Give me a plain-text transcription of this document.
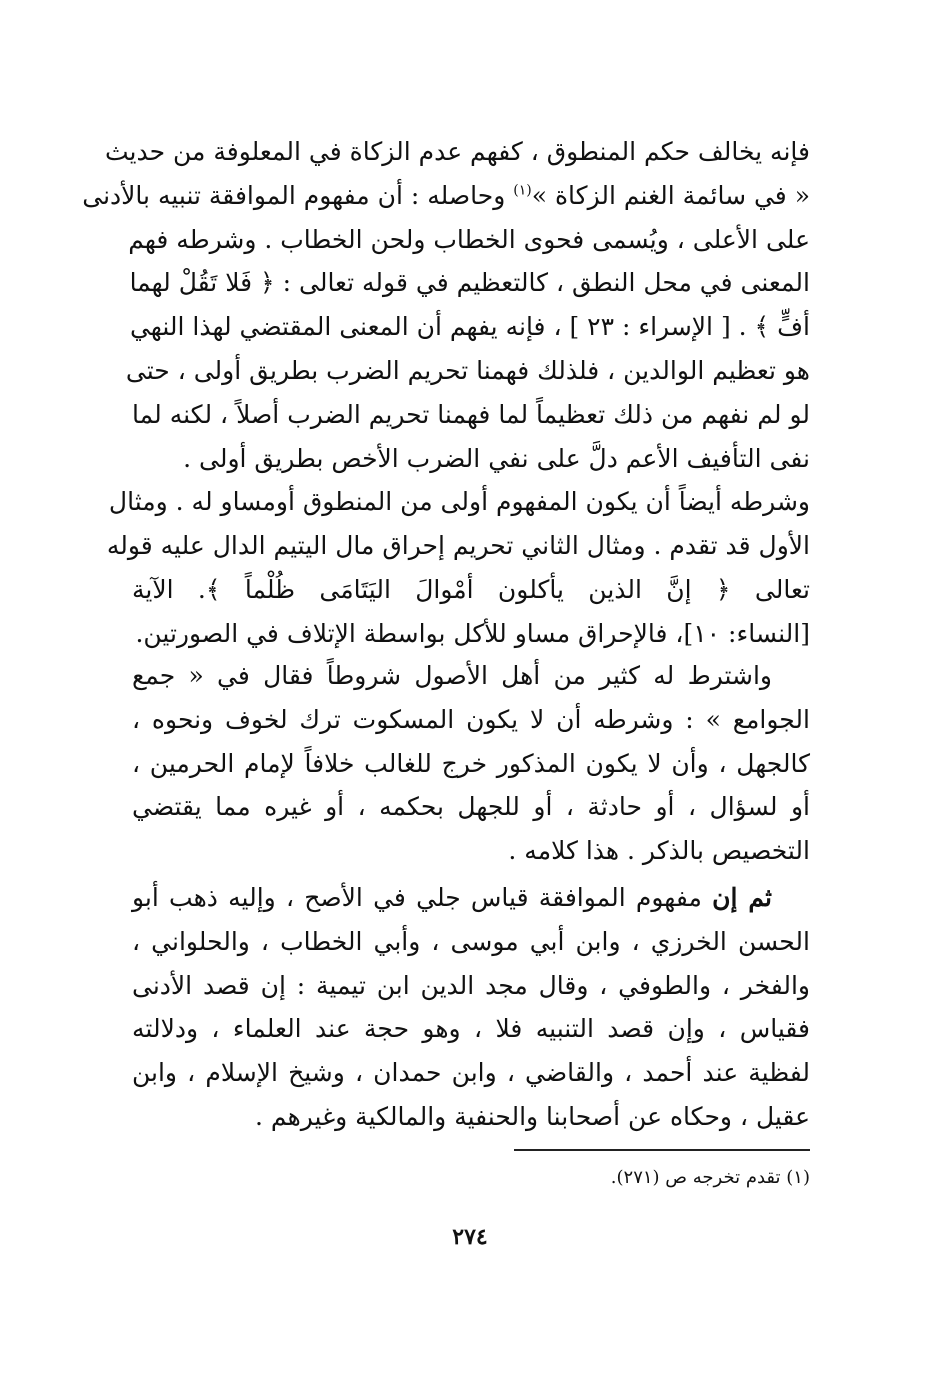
فإنه يخالف حكم المنطوق ، كفهم عدم الزكاة في المعلوفة من حديث
« في سائمة الغنم الزكاة »$^{(١)}$ وحاصله : أن مفهوم الموافقة تنبيه بالأدنى
على الأعلى ، ويُسمى فحوى الخطاب ولحن الخطاب . وشرطه فهم
المعنى في محل النطق ، كالتعظيم في قوله تعالى : ﴿ فَلا تَقُلْ لهما
أفٍّ ﴾ . [ الإسراء : ٢٣ ] ، فإنه يفهم أن المعنى المقتضي لهذا النهي
هو تعظيم الوالدين ، فلذلك فهمنا تحريم الضرب بطريق أولى ، حتى
لو لم نفهم من ذلك تعظيماً لما فهمنا تحريم الضرب أصلاً ، لكنه لما
نفى التأفيف الأعم دلَّ على نفي الضرب الأخص بطريق أولى .
وشرطه أيضاً أن يكون المفهوم أولى من المنطوق أومساو له . ومثال
الأول قد تقدم . ومثال الثاني تحريم إحراق مال اليتيم الدال عليه قوله
تعالى ﴿ إنَّ الذين يأكلون أمْوالَ اليَتَامَى ظُلْماً ﴾. الآية
[النساء: ١٠]، فالإحراق مساو للأكل بواسطة الإتلاف في الصورتين.
واشترط له كثير من أهل الأصول شروطاً فقال في « جمع
الجوامع » : وشرطه أن لا يكون المسكوت ترك لخوف ونحوه ،
كالجهل ، وأن لا يكون المذكور خرج للغالب خلافاً لإمام الحرمين ،
أو لسؤال ، أو حادثة ، أو للجهل بحكمه ، أو غيره مما يقتضي
التخصيص بالذكر . هذا كلامه .
ثم إن مفهوم الموافقة قياس جلي في الأصح ، وإليه ذهب أبو
الحسن الخرزي ، وابن أبي موسى ، وأبي الخطاب ، والحلواني ،
والفخر ، والطوفي ، وقال مجد الدين ابن تيمية : إن قصد الأدنى
فقياس ، وإن قصد التنبيه فلا ، وهو حجة عند العلماء ، ودلالته
لفظية عند أحمد ، والقاضي ، وابن حمدان ، وشيخ الإسلام ، وابن
عقيل ، وحكاه عن أصحابنا والحنفية والمالكية وغيرهم .
(١) تقدم تخرجه ص (٢٧١).
٢٧٤
